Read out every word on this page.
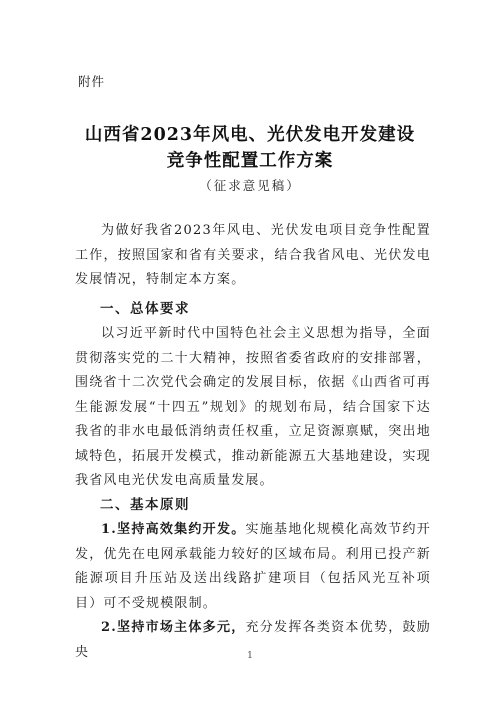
附件
山西省2023年风电、光伏发电开发建设
竞争性配置工作方案
（征求意见稿）
为做好我省2023年风电、光伏发电项目竞争性配置工作，按照国家和省有关要求，结合我省风电、光伏发电发展情况，特制定本方案。
一、总体要求
以习近平新时代中国特色社会主义思想为指导，全面贯彻落实党的二十大精神，按照省委省政府的安排部署，围绕省十二次党代会确定的发展目标，依据《山西省可再生能源发展“十四五”规划》的规划布局，结合国家下达我省的非水电最低消纳责任权重，立足资源禀赋，突出地域特色，拓展开发模式，推动新能源五大基地建设，实现我省风电光伏发电高质量发展。
二、基本原则
1.坚持高效集约开发。实施基地化规模化高效节约开发，优先在电网承载能力较好的区域布局。利用已投产新能源项目升压站及送出线路扩建项目（包括风光互补项目）可不受规模限制。
2.坚持市场主体多元，充分发挥各类资本优势，鼓励央	1
